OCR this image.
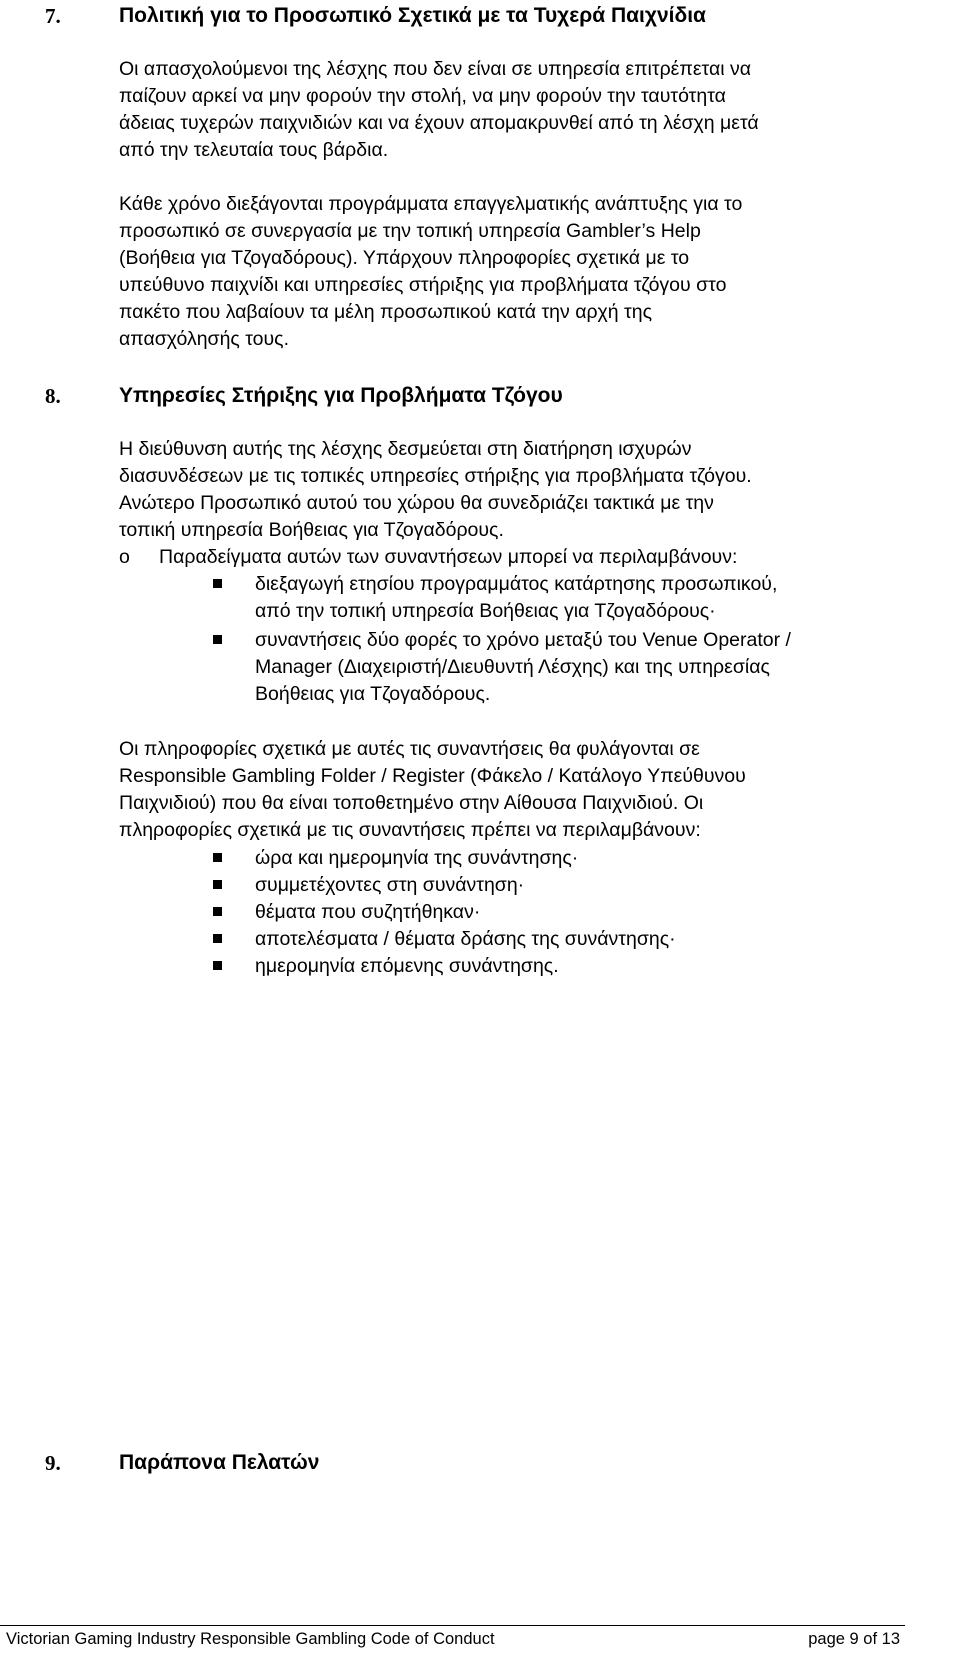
7.	Πολιτική για το Προσωπικό Σχετικά με τα Τυχερά Παιχνίδια
Οι απασχολούμενοι της λέσχης που δεν είναι σε υπηρεσία επιτρέπεται να
παίζουν αρκεί να μην φορούν την στολή, να μην φορούν την ταυτότητα
άδειας τυχερών παιχνιδιών και να έχουν απομακρυνθεί από τη λέσχη μετά
από την τελευταία τους βάρδια.
Κάθε χρόνο διεξάγονται προγράμματα επαγγελματικής ανάπτυξης για το
προσωπικό σε συνεργασία με την τοπική υπηρεσία Gambler’s Help
(Βοήθεια για Τζογαδόρους). Υπάρχουν πληροφορίες σχετικά με το
υπεύθυνο παιχνίδι και υπηρεσίες στήριξης για προβλήματα τζόγου στο
πακέτο που λαβαίουν τα μέλη προσωπικού κατά την αρχή της
απασχόλησής τους.
8.	Υπηρεσίες Στήριξης για Προβλήματα Τζόγου
Η διεύθυνση αυτής της λέσχης δεσμεύεται στη διατήρηση ισχυρών
διασυνδέσεων με τις τοπικές υπηρεσίες στήριξης για προβλήματα τζόγου.
Ανώτερο Προσωπικό αυτού του χώρου θα συνεδριάζει τακτικά με την
τοπική υπηρεσία Βοήθειας για Τζογαδόρους.
o Παραδείγματα αυτών των συναντήσεων μπορεί να περιλαμβάνουν:
διεξαγωγή ετησίου προγραμμάτος κατάρτησης προσωπικού,
από την τοπική υπηρεσία Βοήθειας για Τζογαδόρους·
συναντήσεις δύο φορές το χρόνο μεταξύ του Venue Operator /
Manager (Διαχειριστή/Διευθυντή Λέσχης) και της υπηρεσίας
Βοήθειας για Τζογαδόρους.
Οι πληροφορίες σχετικά με αυτές τις συναντήσεις θα φυλάγονται σε
Responsible Gambling Folder / Register (Φάκελο / Κατάλογο Υπεύθυνου
Παιχνιδιού) που θα είναι τοποθετημένο στην Αίθουσα Παιχνιδιού. Οι
πληροφορίες σχετικά με τις συναντήσεις πρέπει να περιλαμβάνουν:
ώρα και ημερομηνία της συνάντησης·
συμμετέχοντες στη συνάντηση·
θέματα που συζητήθηκαν·
αποτελέσματα / θέματα δράσης της συνάντησης·
ημερομηνία επόμενης συνάντησης.
9.	Παράπονα Πελατών
Victorian Gaming Industry Responsible Gambling Code of Conduct	page 9 of 13
